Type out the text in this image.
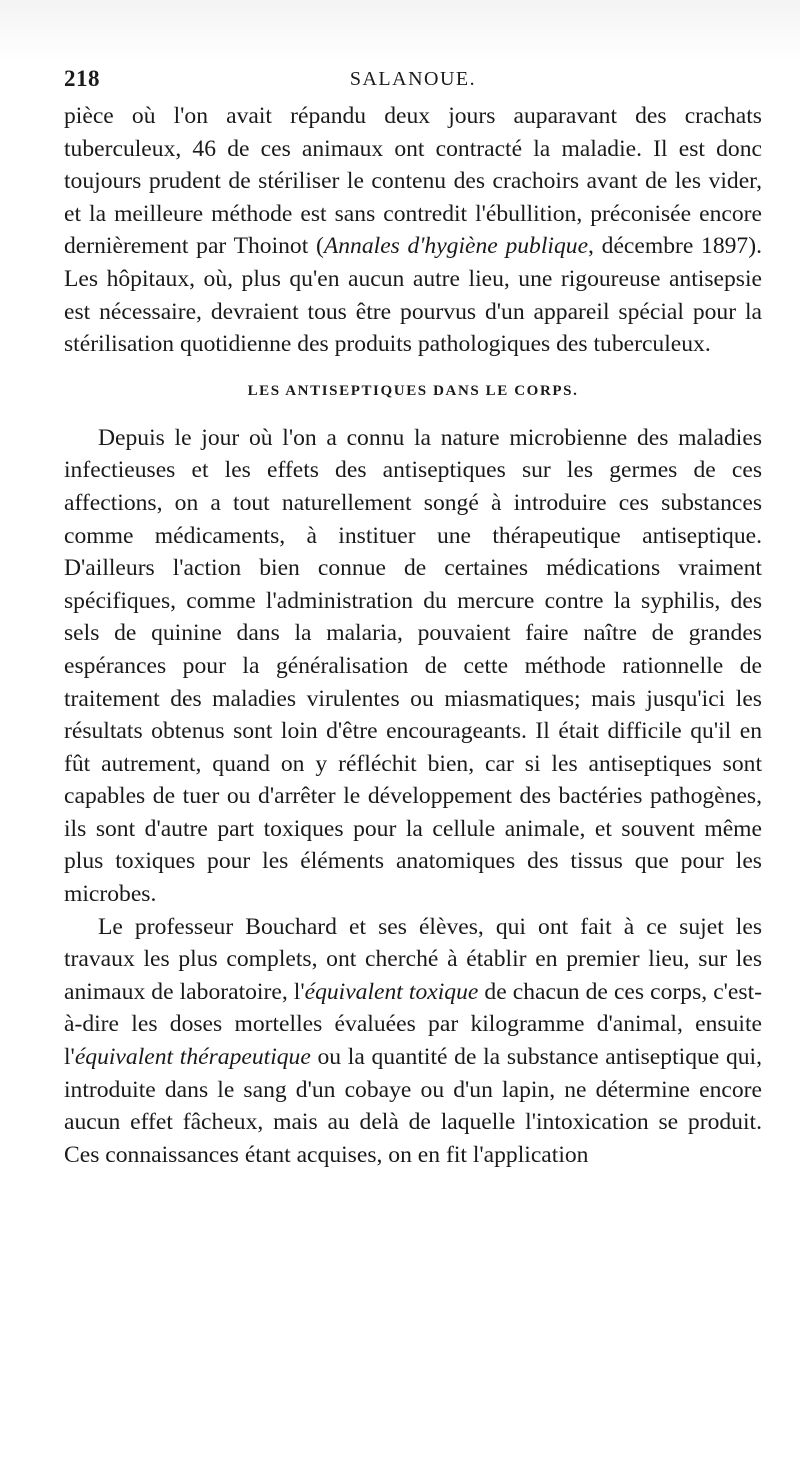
218	SALANOUE.

pièce où l'on avait répandu deux jours auparavant des crachats tuberculeux, 46 de ces animaux ont contracté la maladie. Il est donc toujours prudent de stériliser le contenu des crachoirs avant de les vider, et la meilleure méthode est sans contredit l'ébullition, préconisée encore dernièrement par Thoinot (Annales d'hygiène publique, décembre 1897). Les hôpitaux, où, plus qu'en aucun autre lieu, une rigoureuse antisepsie est nécessaire, devraient tous être pourvus d'un appareil spécial pour la stérilisation quotidienne des produits pathologiques des tuberculeux.

LES ANTISEPTIQUES DANS LE CORPS.

Depuis le jour où l'on a connu la nature microbienne des maladies infectieuses et les effets des antiseptiques sur les germes de ces affections, on a tout naturellement songé à introduire ces substances comme médicaments, à instituer une thérapeutique antiseptique. D'ailleurs l'action bien connue de certaines médications vraiment spécifiques, comme l'administration du mercure contre la syphilis, des sels de quinine dans la malaria, pouvaient faire naître de grandes espérances pour la généralisation de cette méthode rationnelle de traitement des maladies virulentes ou miasmatiques; mais jusqu'ici les résultats obtenus sont loin d'être encourageants. Il était difficile qu'il en fût autrement, quand on y réfléchit bien, car si les antiseptiques sont capables de tuer ou d'arrêter le développement des bactéries pathogènes, ils sont d'autre part toxiques pour la cellule animale, et souvent même plus toxiques pour les éléments anatomiques des tissus que pour les microbes.

Le professeur Bouchard et ses élèves, qui ont fait à ce sujet les travaux les plus complets, ont cherché à établir en premier lieu, sur les animaux de laboratoire, l'équivalent toxique de chacun de ces corps, c'est-à-dire les doses mortelles évaluées par kilogramme d'animal, ensuite l'équivalent thérapeutique ou la quantité de la substance antiseptique qui, introduite dans le sang d'un cobaye ou d'un lapin, ne détermine encore aucun effet fâcheux, mais au delà de laquelle l'intoxication se produit. Ces connaissances étant acquises, on en fit l'application
